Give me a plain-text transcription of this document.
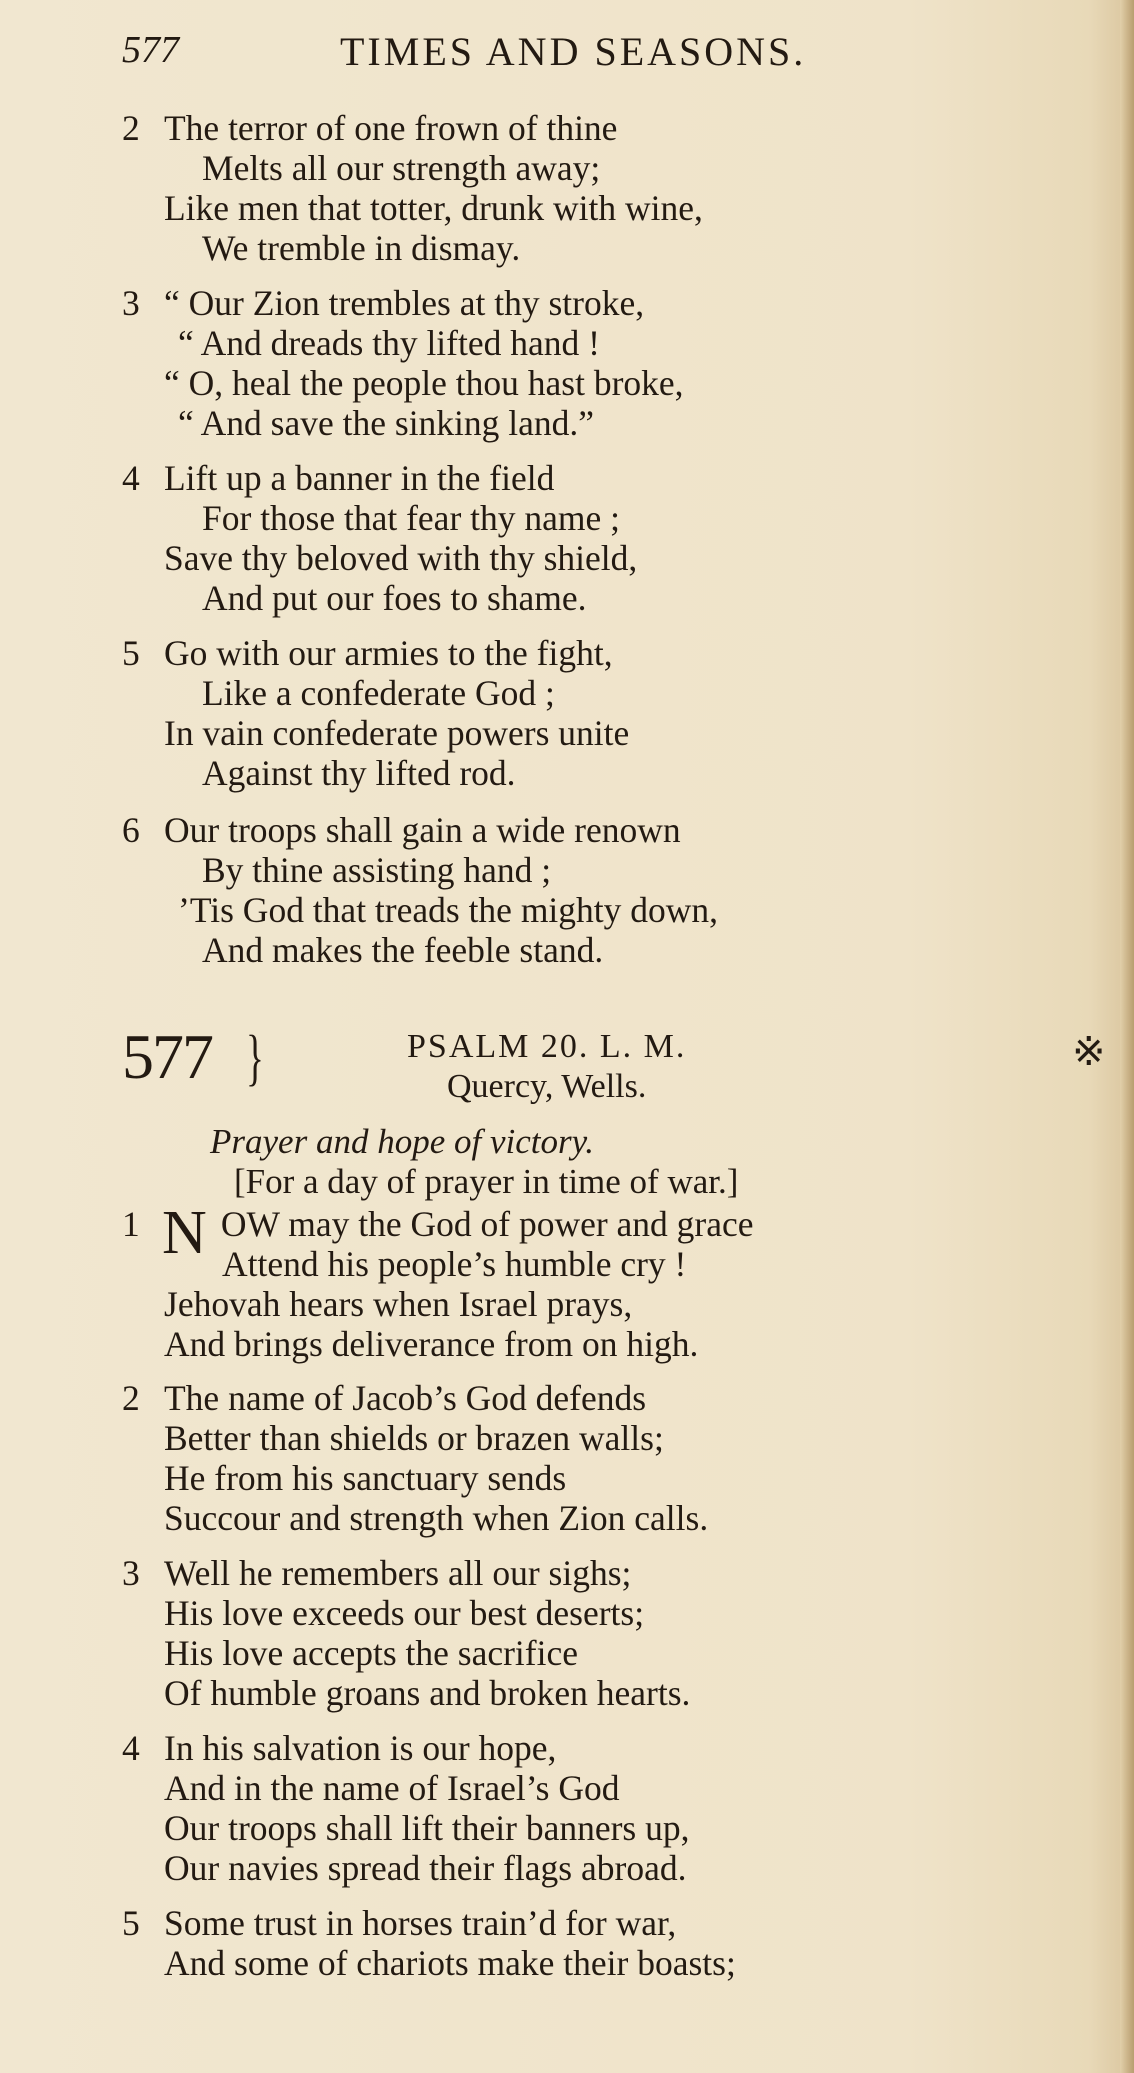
577	TIMES AND SEASONS.
2 The terror of one frown of thine
Melts all our strength away;
Like men that totter, drunk with wine,
We tremble in dismay.
3 “ Our Zion trembles at thy stroke,
“ And dreads thy lifted hand !
“ O, heal the people thou hast broke,
“ And save the sinking land.”
4 Lift up a banner in the field
For those that fear thy name ;
Save thy beloved with thy shield,
And put our foes to shame.
5 Go with our armies to the fight,
Like a confederate God ;
In vain confederate powers unite
Against thy lifted rod.
6 Our troops shall gain a wide renown
By thine assisting hand ;
’Tis God that treads the mighty down,
And makes the feeble stand.
577 }	PSALM 20. L. M.
Quercy, Wells.
※
Prayer and hope of victory.
[For a day of prayer in time of war.]
1 N OW may the God of power and grace
Attend his people’s humble cry !
Jehovah hears when Israel prays,
And brings deliverance from on high.
2 The name of Jacob’s God defends
Better than shields or brazen walls;
He from his sanctuary sends
Succour and strength when Zion calls.
3 Well he remembers all our sighs;
His love exceeds our best deserts;
His love accepts the sacrifice
Of humble groans and broken hearts.
4 In his salvation is our hope,
And in the name of Israel’s God
Our troops shall lift their banners up,
Our navies spread their flags abroad.
5 Some trust in horses train’d for war,
And some of chariots make their boasts;
